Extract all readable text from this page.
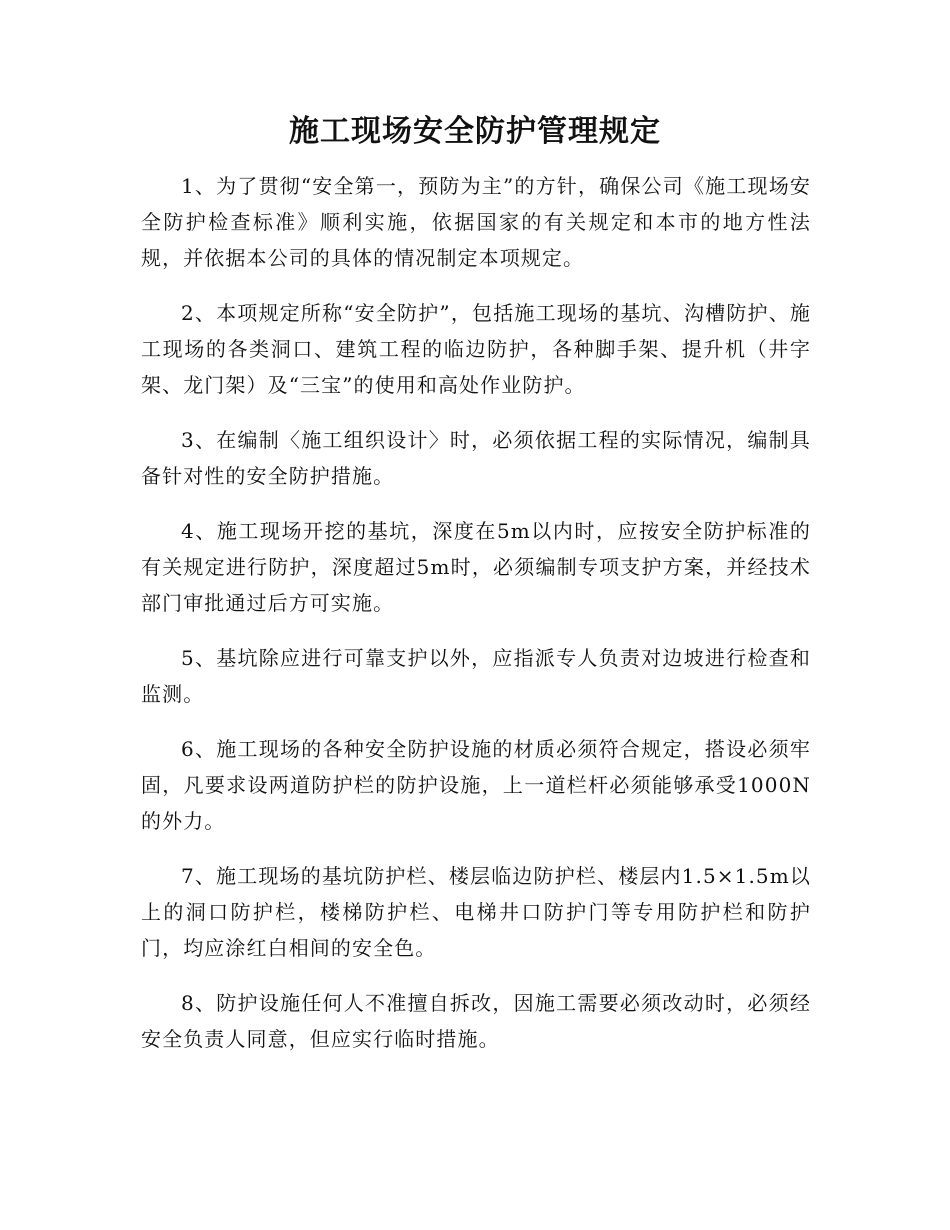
施工现场安全防护管理规定

1、为了贯彻“安全第一，预防为主”的方针，确保公司《施工现场安全防护检查标准》顺利实施，依据国家的有关规定和本市的地方性法规，并依据本公司的具体的情况制定本项规定。

2、本项规定所称“安全防护”，包括施工现场的基坑、沟槽防护、施工现场的各类洞口、建筑工程的临边防护，各种脚手架、提升机（井字架、龙门架）及“三宝”的使用和高处作业防护。

3、在编制〈施工组织设计〉时，必须依据工程的实际情况，编制具备针对性的安全防护措施。

4、施工现场开挖的基坑，深度在5m以内时，应按安全防护标准的有关规定进行防护，深度超过5m时，必须编制专项支护方案，并经技术部门审批通过后方可实施。

5、基坑除应进行可靠支护以外，应指派专人负责对边坡进行检查和监测。

6、施工现场的各种安全防护设施的材质必须符合规定，搭设必须牢固，凡要求设两道防护栏的防护设施，上一道栏杆必须能够承受1000N的外力。

7、施工现场的基坑防护栏、楼层临边防护栏、楼层内1.5×1.5m以上的洞口防护栏，楼梯防护栏、电梯井口防护门等专用防护栏和防护门，均应涂红白相间的安全色。

8、防护设施任何人不准擅自拆改，因施工需要必须改动时，必须经安全负责人同意，但应实行临时措施。
